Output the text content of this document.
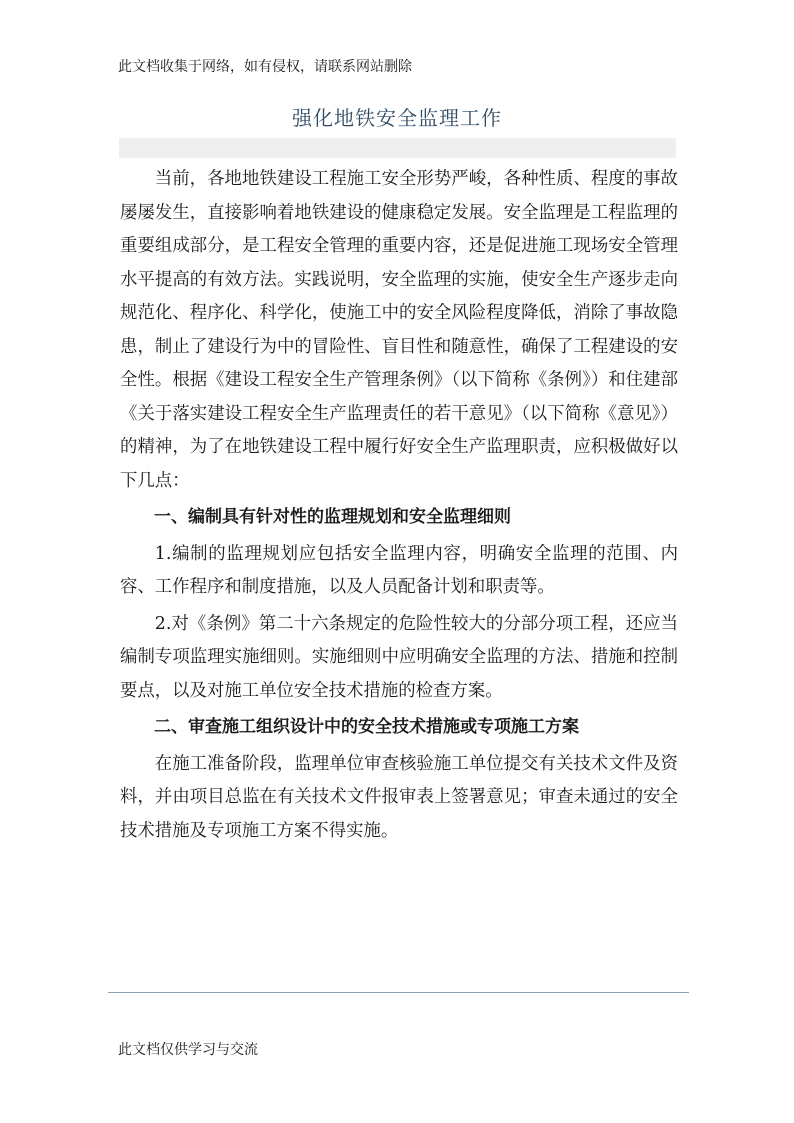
此文档收集于网络，如有侵权，请联系网站删除
强化地铁安全监理工作

当前，各地地铁建设工程施工安全形势严峻，各种性质、程度的事故屡屡发生，直接影响着地铁建设的健康稳定发展。安全监理是工程监理的重要组成部分，是工程安全管理的重要内容，还是促进施工现场安全管理水平提高的有效方法。实践说明，安全监理的实施，使安全生产逐步走向规范化、程序化、科学化，使施工中的安全风险程度降低，消除了事故隐患，制止了建设行为中的冒险性、盲目性和随意性，确保了工程建设的安全性。根据《建设工程安全生产管理条例》（以下简称《条例》）和住建部《关于落实建设工程安全生产监理责任的若干意见》（以下简称《意见》）的精神，为了在地铁建设工程中履行好安全生产监理职责，应积极做好以下几点：

一、编制具有针对性的监理规划和安全监理细则

1.编制的监理规划应包括安全监理内容，明确安全监理的范围、内容、工作程序和制度措施，以及人员配备计划和职责等。

2.对《条例》第二十六条规定的危险性较大的分部分项工程，还应当编制专项监理实施细则。实施细则中应明确安全监理的方法、措施和控制要点，以及对施工单位安全技术措施的检查方案。

二、审查施工组织设计中的安全技术措施或专项施工方案

在施工准备阶段，监理单位审查核验施工单位提交有关技术文件及资料，并由项目总监在有关技术文件报审表上签署意见；审查未通过的安全技术措施及专项施工方案不得实施。

此文档仅供学习与交流
